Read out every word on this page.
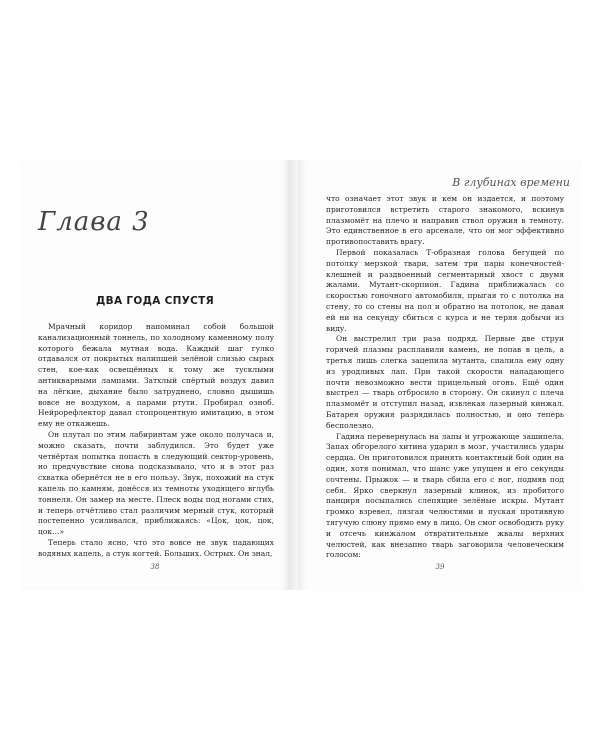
Глава 3
ДВА ГОДА СПУСТЯ

Мрачный коридор напоминал собой большой канализационный тоннель, по холодному каменному полу которого бежала мутная вода. Каждый шаг гулко отдавался от покрытых налипшей зелёной слизью сырых стен, кое-как освещённых к тому же тусклыми антикварными лампами. Затхлый спёртый воздух давил на лёгкие, дыхание было затруднено, словно дышишь вовсе не воздухом, а парами ртути. Пробирал озноб. Нейрорефлектор давал стопроцентную имитацию, в этом ему не откажешь.

Он плутал по этим лабиринтам уже около получаса и, можно сказать, почти заблудился. Это будет уже четвёртая попытка попасть в следующий сектор-уровень, но предчувствие снова подсказывало, что и в этот раз схватка обернётся не в его пользу. Звук, похожий на стук капель по камням, донёсся из темноты уходящего вглубь тоннеля. Он замер на месте. Плеск воды под ногами стих, и теперь отчётливо стал различим мерный стук, который постепенно усиливался, приближаясь: «Цок, цок, цок, цок…»

Теперь стало ясно, что это вовсе не звук падающих водяных капель, а стук когтей. Больших. Острых. Он знал,

38
В глубинах времени

что означает этот звук и кем он издается, и поэтому приготовился встретить старого знакомого, вскинув плазмомёт на плечо и направив ствол оружия в темноту. Это единственное в его арсенале, что он мог эффективно противопоставить врагу.

Первой показалась Т-образная голова бегущей по потолку мерзкой твари, затем три пары конечностей-клешней и раздвоенный сегментарный хвост с двумя жалами. Мутант-скорпион. Гадина приближалась со скоростью гоночного автомобиля, прыгая то с потолка на стену, то со стены на пол и обратно на потолок, не давая ей ни на секунду сбиться с курса и не теряя добычи из виду.

Он выстрелил три раза подряд. Первые две струи горячей плазмы расплавили камень, не попав в цель, а третья лишь слегка зацепила мутанта, спалила ему одну из уродливых лап. При такой скорости нападающего почти невозможно вести прицельный огонь. Ещё один выстрел — тварь отбросило в сторону. Он скинул с плеча плазмомёт и отступил назад, извлекая лазерный кинжал. Батарея оружия разрядилась полностью, и оно теперь бесполезно.

Гадина перевернулась на лапы и угрожающе зашипела. Запах обгорелого хитина ударил в мозг, участились удары сердца. Он приготовился принять контактный бой один на один, хотя понимал, что шанс уже упущен и его секунды сочтены. Прыжок — и тварь сбила его с ног, подмяв под себя. Ярко сверкнул лазерный клинок, из пробитого панциря посыпались слепящие зелёные искры. Мутант громко взревел, лязгая челюстями и пуская противную тягучую слюну прямо ему в лицо. Он смог освободить руку и отсечь кинжалом отвратительные жвалы верхних челюстей, как внезапно тварь заговорила человеческим голосом:

39
